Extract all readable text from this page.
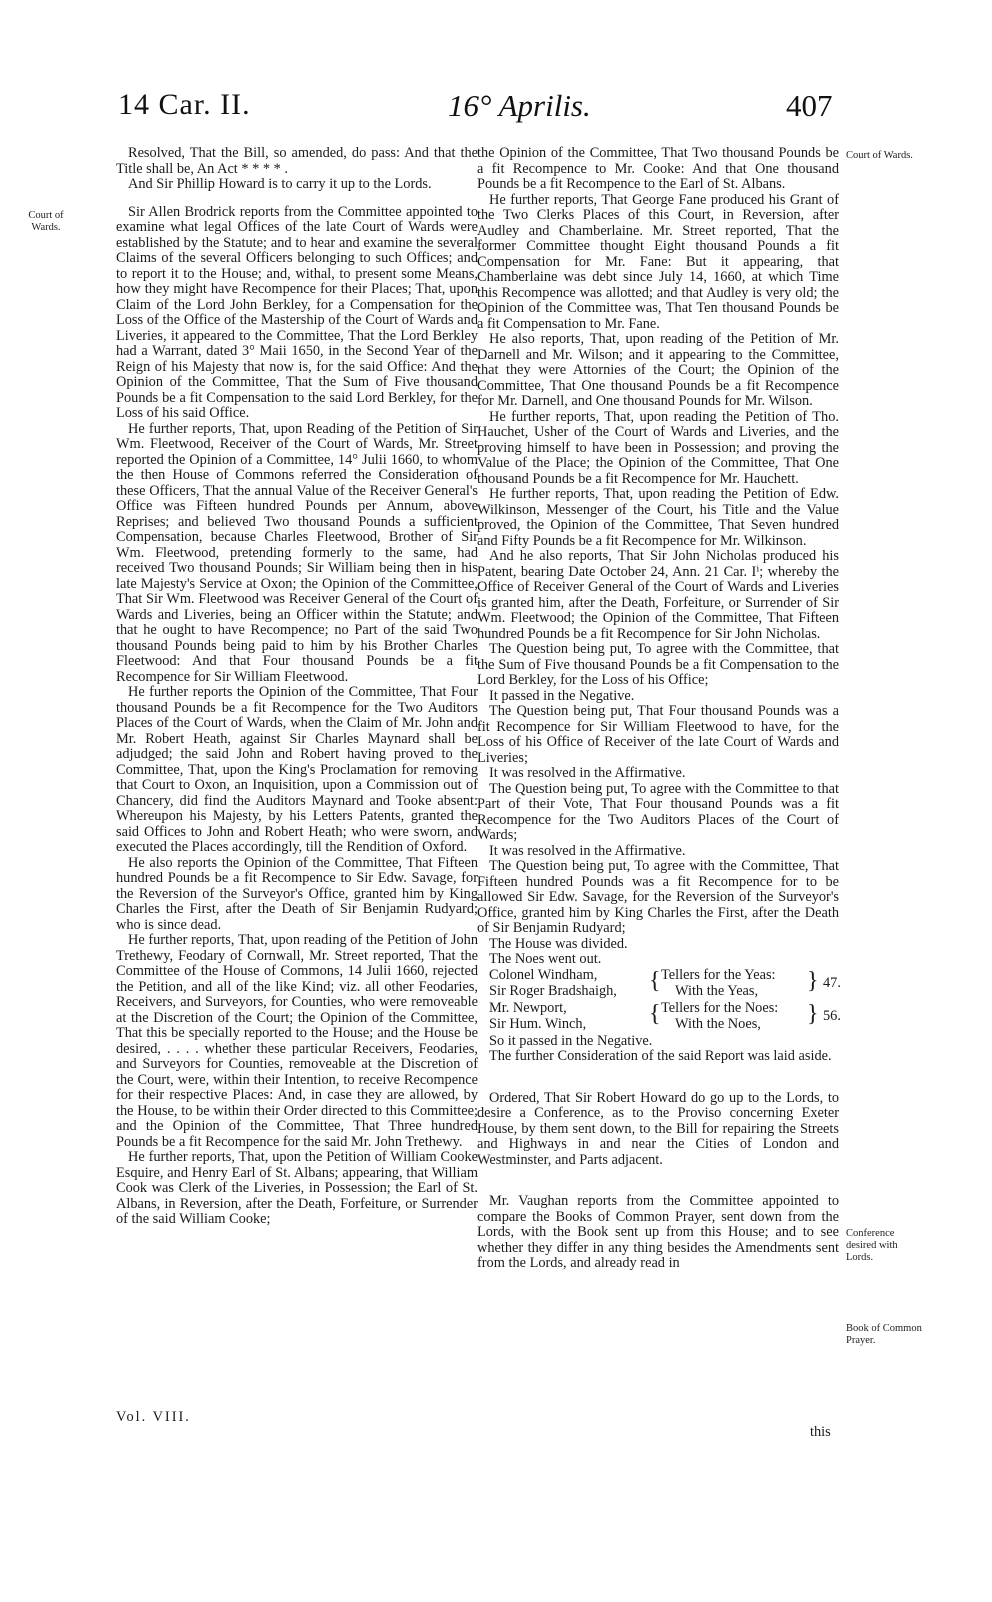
14 Car. II.	16° Aprilis.	407
Court of Wards.
Court of Wards.
Conference desired with Lords.
Book of Common Prayer.

Resolved, That the Bill, so amended, do pass: And that the Title shall be, An Act * * * * .

And Sir Phillip Howard is to carry it up to the Lords.

Sir Allen Brodrick reports from the Committee appointed to examine what legal Offices of the late Court of Wards were established by the Statute; and to hear and examine the several Claims of the several Officers belonging to such Offices; and to report it to the House; and, withal, to present some Means, how they might have Recompence for their Places; That, upon Claim of the Lord John Berkley, for a Compensation for the Loss of the Office of the Mastership of the Court of Wards and Liveries, it appeared to the Committee, That the Lord Berkley had a Warrant, dated 3° Maii 1650, in the Second Year of the Reign of his Majesty that now is, for the said Office: And the Opinion of the Committee, That the Sum of Five thousand Pounds be a fit Compensation to the said Lord Berkley, for the Loss of his said Office.

He further reports, That, upon Reading of the Petition of Sir Wm. Fleetwood, Receiver of the Court of Wards, Mr. Street reported the Opinion of a Committee, 14° Julii 1660, to whom the then House of Commons referred the Consideration of these Officers, That the annual Value of the Receiver General's Office was Fifteen hundred Pounds per Annum, above Reprises; and believed Two thousand Pounds a sufficient Compensation, because Charles Fleetwood, Brother of Sir Wm. Fleetwood, pretending formerly to the same, had received Two thousand Pounds; Sir William being then in his late Majesty's Service at Oxon; the Opinion of the Committee, That Sir Wm. Fleetwood was Receiver General of the Court of Wards and Liveries, being an Officer within the Statute; and that he ought to have Recompence; no Part of the said Two thousand Pounds being paid to him by his Brother Charles Fleetwood: And that Four thousand Pounds be a fit Recompence for Sir William Fleetwood.

He further reports the Opinion of the Committee, That Four thousand Pounds be a fit Recompence for the Two Auditors Places of the Court of Wards, when the Claim of Mr. John and Mr. Robert Heath, against Sir Charles Maynard shall be adjudged; the said John and Robert having proved to the Committee, That, upon the King's Proclamation for removing that Court to Oxon, an Inquisition, upon a Commission out of Chancery, did find the Auditors Maynard and Tooke absent: Whereupon his Majesty, by his Letters Patents, granted the said Offices to John and Robert Heath; who were sworn, and executed the Places accordingly, till the Rendition of Oxford.

He also reports the Opinion of the Committee, That Fifteen hundred Pounds be a fit Recompence to Sir Edw. Savage, for the Reversion of the Surveyor's Office, granted him by King Charles the First, after the Death of Sir Benjamin Rudyard; who is since dead.

He further reports, That, upon reading of the Petition of John Trethewy, Feodary of Cornwall, Mr. Street reported, That the Committee of the House of Commons, 14 Julii 1660, rejected the Petition, and all of the like Kind; viz. all other Feodaries, Receivers, and Surveyors, for Counties, who were removeable at the Discretion of the Court; the Opinion of the Committee, That this be specially reported to the House; and the House be desired, . . . . whether these particular Receivers, Feodaries, and Surveyors for Counties, removeable at the Discretion of the Court, were, within their Intention, to receive Recompence for their respective Places: And, in case they are allowed, by the House, to be within their Order directed to this Committee; and the Opinion of the Committee, That Three hundred Pounds be a fit Recompence for the said Mr. John Trethewy.

He further reports, That, upon the Petition of William Cooke Esquire, and Henry Earl of St. Albans; appearing, that William Cook was Clerk of the Liveries, in Possession; the Earl of St. Albans, in Reversion, after the Death, Forfeiture, or Surrender of the said William Cooke;

the Opinion of the Committee, That Two thousand Pounds be a fit Recompence to Mr. Cooke: And that One thousand Pounds be a fit Recompence to the Earl of St. Albans.

He further reports, That George Fane produced his Grant of the Two Clerks Places of this Court, in Reversion, after Audley and Chamberlaine. Mr. Street reported, That the former Committee thought Eight thousand Pounds a fit Compensation for Mr. Fane: But it appearing, that Chamberlaine was debt since July 14, 1660, at which Time this Recompence was allotted; and that Audley is very old; the Opinion of the Committee was, That Ten thousand Pounds be a fit Compensation to Mr. Fane.

He also reports, That, upon reading of the Petition of Mr. Darnell and Mr. Wilson; and it appearing to the Committee, that they were Attornies of the Court; the Opinion of the Committee, That One thousand Pounds be a fit Recompence for Mr. Darnell, and One thousand Pounds for Mr. Wilson.

He further reports, That, upon reading the Petition of Tho. Hauchet, Usher of the Court of Wards and Liveries, and the proving himself to have been in Possession; and proving the Value of the Place; the Opinion of the Committee, That One thousand Pounds be a fit Recompence for Mr. Hauchett.

He further reports, That, upon reading the Petition of Edw. Wilkinson, Messenger of the Court, his Title and the Value proved, the Opinion of the Committee, That Seven hundred and Fifty Pounds be a fit Recompence for Mr. Wilkinson.

And he also reports, That Sir John Nicholas produced his Patent, bearing Date October 24, Ann. 21 Car. Iⁱ; whereby the Office of Receiver General of the Court of Wards and Liveries is granted him, after the Death, Forfeiture, or Surrender of Sir Wm. Fleetwood; the Opinion of the Committee, That Fifteen hundred Pounds be a fit Recompence for Sir John Nicholas.

The Question being put, To agree with the Committee, that the Sum of Five thousand Pounds be a fit Compensation to the Lord Berkley, for the Loss of his Office;

It passed in the Negative.

The Question being put, That Four thousand Pounds was a fit Recompence for Sir William Fleetwood to have, for the Loss of his Office of Receiver of the late Court of Wards and Liveries;

It was resolved in the Affirmative.

The Question being put, To agree with the Committee to that Part of their Vote, That Four thousand Pounds was a fit Recompence for the Two Auditors Places of the Court of Wards;

It was resolved in the Affirmative.

The Question being put, To agree with the Committee, That Fifteen hundred Pounds was a fit Recompence for to be allowed Sir Edw. Savage, for the Reversion of the Surveyor's Office, granted him by King Charles the First, after the Death of Sir Benjamin Rudyard;

The House was divided.

The Noes went out.

Colonel Windham,
Sir Roger Bradshaigh, { Tellers for the Yeas:
With the Yeas, } 47.
Mr. Newport,
Sir Hum. Winch,	{ Tellers for the Noes:
With the Noes, } 56.

So it passed in the Negative.

The further Consideration of the said Report was laid aside.

Ordered, That Sir Robert Howard do go up to the Lords, to desire a Conference, as to the Proviso concerning Exeter House, by them sent down, to the Bill for repairing the Streets and Highways in and near the Cities of London and Westminster, and Parts adjacent.

Mr. Vaughan reports from the Committee appointed to compare the Books of Common Prayer, sent down from the Lords, with the Book sent up from this House; and to see whether they differ in any thing besides the Amendments sent from the Lords, and already read in

Vol. VIII.
this
